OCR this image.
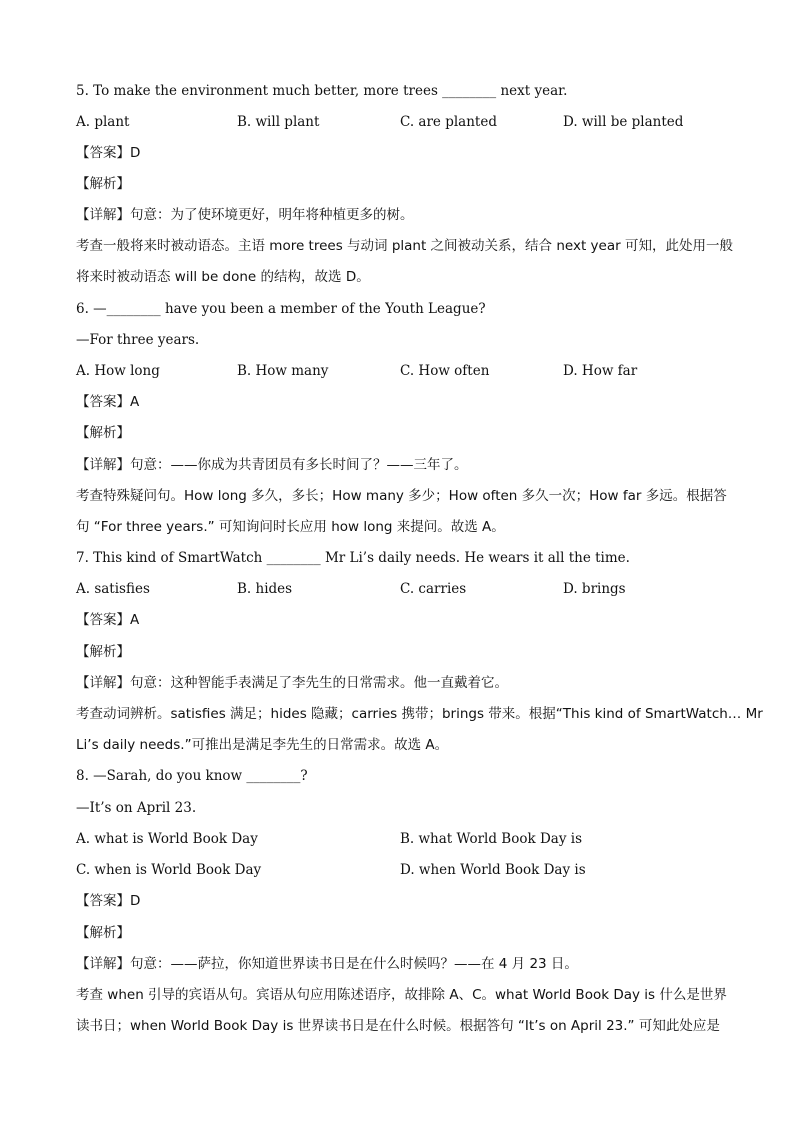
5. To make the environment much better, more trees ________ next year.
A. plant	B. will plant	C. are planted	D. will be planted
【答案】D
【解析】
【详解】句意：为了使环境更好，明年将种植更多的树。
考查一般将来时被动语态。主语 more trees 与动词 plant 之间被动关系，结合 next year 可知，此处用一般
将来时被动语态 will be done 的结构，故选 D。
6. —________ have you been a member of the Youth League?
—For three years.
A. How long	B. How many	C. How often	D. How far
【答案】A
【解析】
【详解】句意：——你成为共青团员有多长时间了？——三年了。
考查特殊疑问句。How long 多久，多长；How many 多少；How often 多久一次；How far 多远。根据答
句 “For three years.” 可知询问时长应用 how long 来提问。故选 A。
7. This kind of SmartWatch ________ Mr Li’s daily needs. He wears it all the time.
A. satisfies	B. hides	C. carries	D. brings
【答案】A
【解析】
【详解】句意：这种智能手表满足了李先生的日常需求。他一直戴着它。
考查动词辨析。satisfies 满足；hides 隐藏；carries 携带；brings 带来。根据“This kind of SmartWatch… Mr
Li’s daily needs.”可推出是满足李先生的日常需求。故选 A。
8. —Sarah, do you know ________?
—It’s on April 23.
A. what is World Book Day	B. what World Book Day is
C. when is World Book Day	D. when World Book Day is
【答案】D
【解析】
【详解】句意：——萨拉，你知道世界读书日是在什么时候吗？——在 4 月 23 日。
考查 when 引导的宾语从句。宾语从句应用陈述语序，故排除 A、C。what World Book Day is 什么是世界
读书日；when World Book Day is 世界读书日是在什么时候。根据答句 “It’s on April 23.” 可知此处应是
